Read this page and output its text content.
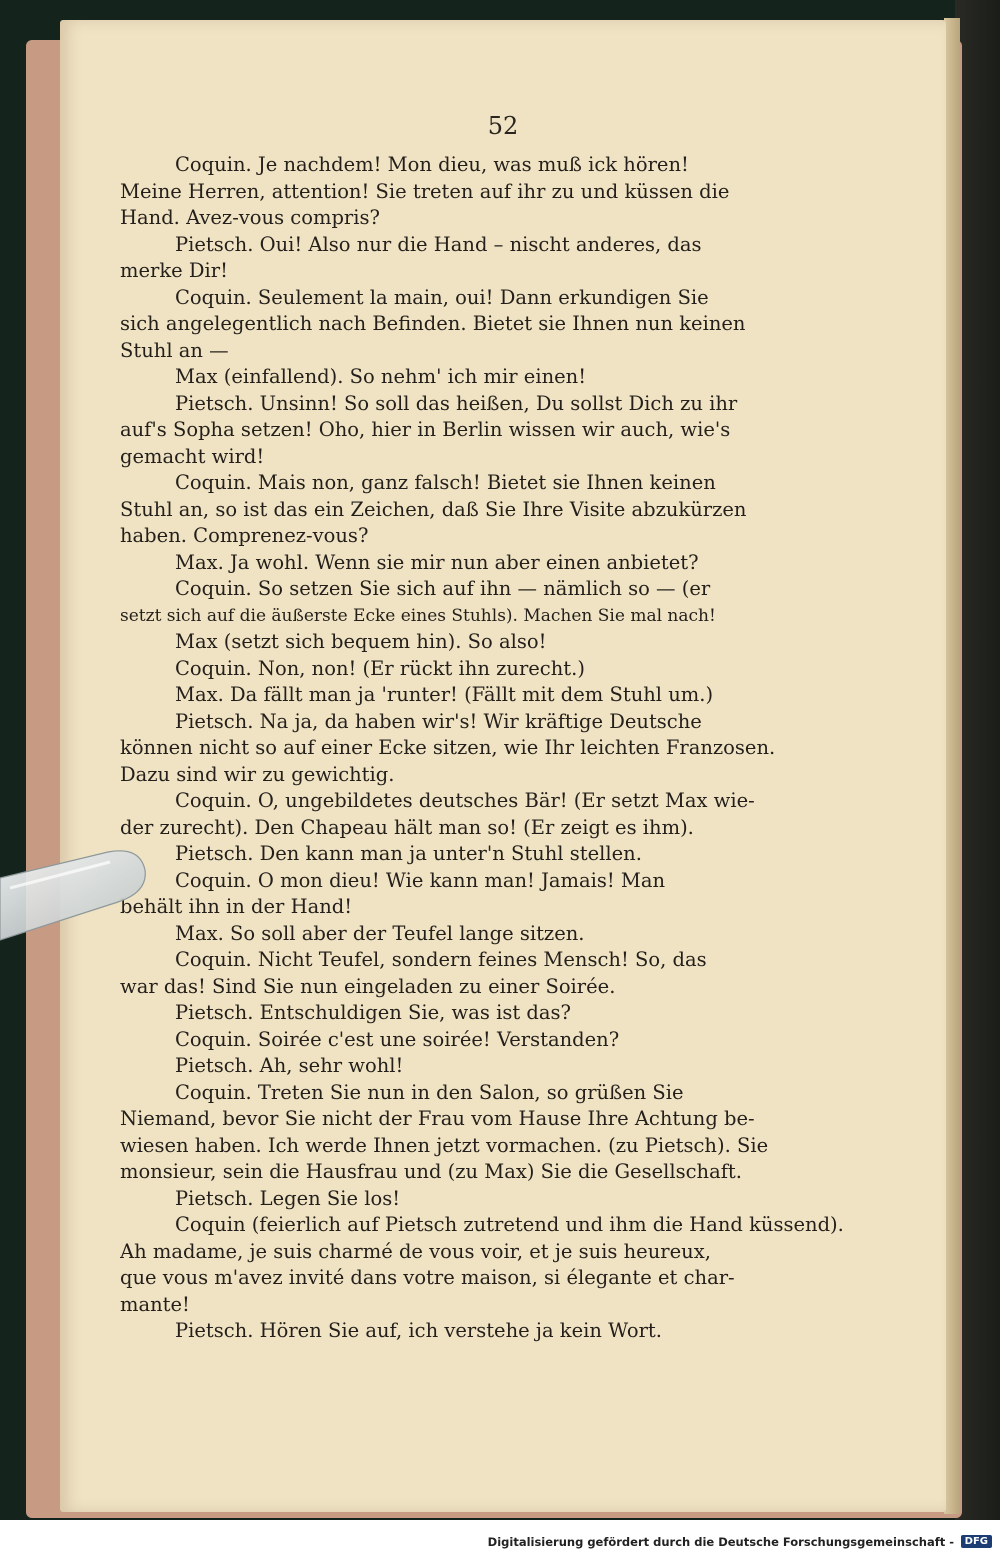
52
Coquin. Je nachdem! Mon dieu, was muß ick hören!
Meine Herren, attention! Sie treten auf ihr zu und küssen die
Hand. Avez-vous compris?
Pietsch. Oui! Also nur die Hand – nischt anderes, das
merke Dir!
Coquin. Seulement la main, oui! Dann erkundigen Sie
sich angelegentlich nach Befinden. Bietet sie Ihnen nun keinen
Stuhl an —
Max (einfallend). So nehm' ich mir einen!
Pietsch. Unsinn! So soll das heißen, Du sollst Dich zu ihr
auf's Sopha setzen! Oho, hier in Berlin wissen wir auch, wie's
gemacht wird!
Coquin. Mais non, ganz falsch! Bietet sie Ihnen keinen
Stuhl an, so ist das ein Zeichen, daß Sie Ihre Visite abzukürzen
haben. Comprenez-vous?
Max. Ja wohl. Wenn sie mir nun aber einen anbietet?
Coquin. So setzen Sie sich auf ihn — nämlich so — (er
setzt sich auf die äußerste Ecke eines Stuhls). Machen Sie mal nach!
Max (setzt sich bequem hin). So also!
Coquin. Non, non! (Er rückt ihn zurecht.)
Max. Da fällt man ja 'runter! (Fällt mit dem Stuhl um.)
Pietsch. Na ja, da haben wir's! Wir kräftige Deutsche
können nicht so auf einer Ecke sitzen, wie Ihr leichten Franzosen.
Dazu sind wir zu gewichtig.
Coquin. O, ungebildetes deutsches Bär! (Er setzt Max wie-
der zurecht). Den Chapeau hält man so! (Er zeigt es ihm).
Pietsch. Den kann man ja unter'n Stuhl stellen.
Coquin. O mon dieu! Wie kann man! Jamais! Man
behält ihn in der Hand!
Max. So soll aber der Teufel lange sitzen.
Coquin. Nicht Teufel, sondern feines Mensch! So, das
war das! Sind Sie nun eingeladen zu einer Soirée.
Pietsch. Entschuldigen Sie, was ist das?
Coquin. Soirée c'est une soirée! Verstanden?
Pietsch. Ah, sehr wohl!
Coquin. Treten Sie nun in den Salon, so grüßen Sie
Niemand, bevor Sie nicht der Frau vom Hause Ihre Achtung be-
wiesen haben. Ich werde Ihnen jetzt vormachen. (zu Pietsch). Sie
monsieur, sein die Hausfrau und (zu Max) Sie die Gesellschaft.
Pietsch. Legen Sie los!
Coquin (feierlich auf Pietsch zutretend und ihm die Hand küssend).
Ah madame, je suis charmé de vous voir, et je suis heureux,
que vous m'avez invité dans votre maison, si élegante et char-
mante!
Pietsch. Hören Sie auf, ich verstehe ja kein Wort.
Digitalisierung gefördert durch die Deutsche Forschungsgemeinschaft -	DFG
